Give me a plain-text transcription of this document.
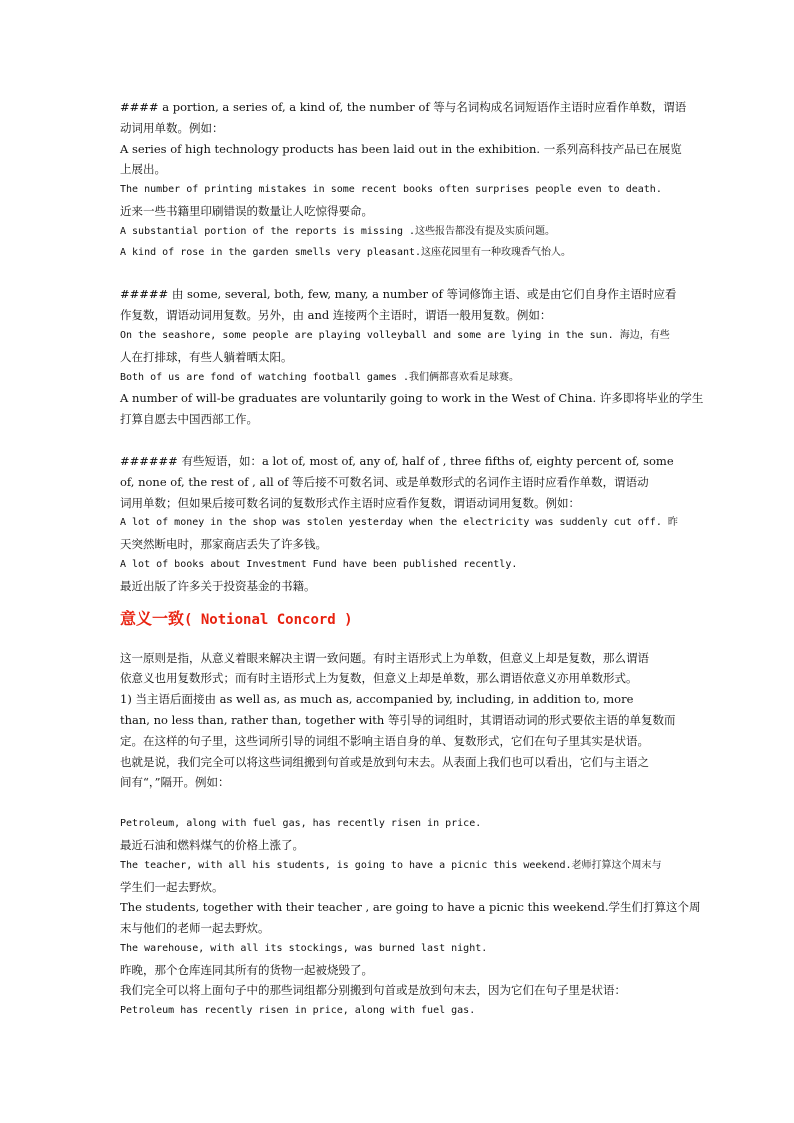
#### a portion, a series of, a kind of, the number of 等与名词构成名词短语作主语时应看作单数，谓语

动词用单数。例如：

A series of high technology products has been laid out in the exhibition. 一系列高科技产品已在展览

上展出。

The number of printing mistakes in some recent books often surprises people even to death.

近来一些书籍里印刷错误的数量让人吃惊得要命。

A substantial portion of the reports is missing .这些报告都没有提及实质问题。

A kind of rose in the garden smells very pleasant.这座花园里有一种玫瑰香气怡人。

##### 由 some, several, both, few, many, a number of 等词修饰主语、或是由它们自身作主语时应看

作复数，谓语动词用复数。另外，由 and 连接两个主语时，谓语一般用复数。例如：

On the seashore, some people are playing volleyball and some are lying in the sun. 海边，有些

人在打排球，有些人躺着晒太阳。

Both of us are fond of watching football games .我们俩都喜欢看足球赛。

A number of will-be graduates are voluntarily going to work in the West of China. 许多即将毕业的学生

打算自愿去中国西部工作。

###### 有些短语，如：a lot of, most of, any of, half of , three fifths of, eighty percent of, some

of, none of, the rest of , all of 等后接不可数名词、或是单数形式的名词作主语时应看作单数，谓语动

词用单数；但如果后接可数名词的复数形式作主语时应看作复数，谓语动词用复数。例如：

A lot of money in the shop was stolen yesterday when the electricity was suddenly cut off. 昨

天突然断电时，那家商店丢失了许多钱。

A lot of books about Investment Fund have been published recently.

最近出版了许多关于投资基金的书籍。

意义一致( Notional Concord )

这一原则是指，从意义着眼来解决主谓一致问题。有时主语形式上为单数，但意义上却是复数，那么谓语

依意义也用复数形式；而有时主语形式上为复数，但意义上却是单数，那么谓语依意义亦用单数形式。

1) 当主语后面接由 as well as, as much as, accompanied by, including, in addition to, more

than, no less than, rather than, together with 等引导的词组时，其谓语动词的形式要依主语的单复数而

定。在这样的句子里，这些词所引导的词组不影响主语自身的单、复数形式，它们在句子里其实是状语。

也就是说，我们完全可以将这些词组搬到句首或是放到句末去。从表面上我们也可以看出，它们与主语之

间有“，”隔开。例如：

Petroleum, along with fuel gas, has recently risen in price.

最近石油和燃料煤气的价格上涨了。

The teacher, with all his students, is going to have a picnic this weekend.老师打算这个周末与

学生们一起去野炊。

The students, together with their teacher , are going to have a picnic this weekend.学生们打算这个周

末与他们的老师一起去野炊。

The warehouse, with all its stockings, was burned last night.

昨晚，那个仓库连同其所有的货物一起被烧毁了。

我们完全可以将上面句子中的那些词组都分别搬到句首或是放到句末去，因为它们在句子里是状语：

Petroleum has recently risen in price, along with fuel gas.
